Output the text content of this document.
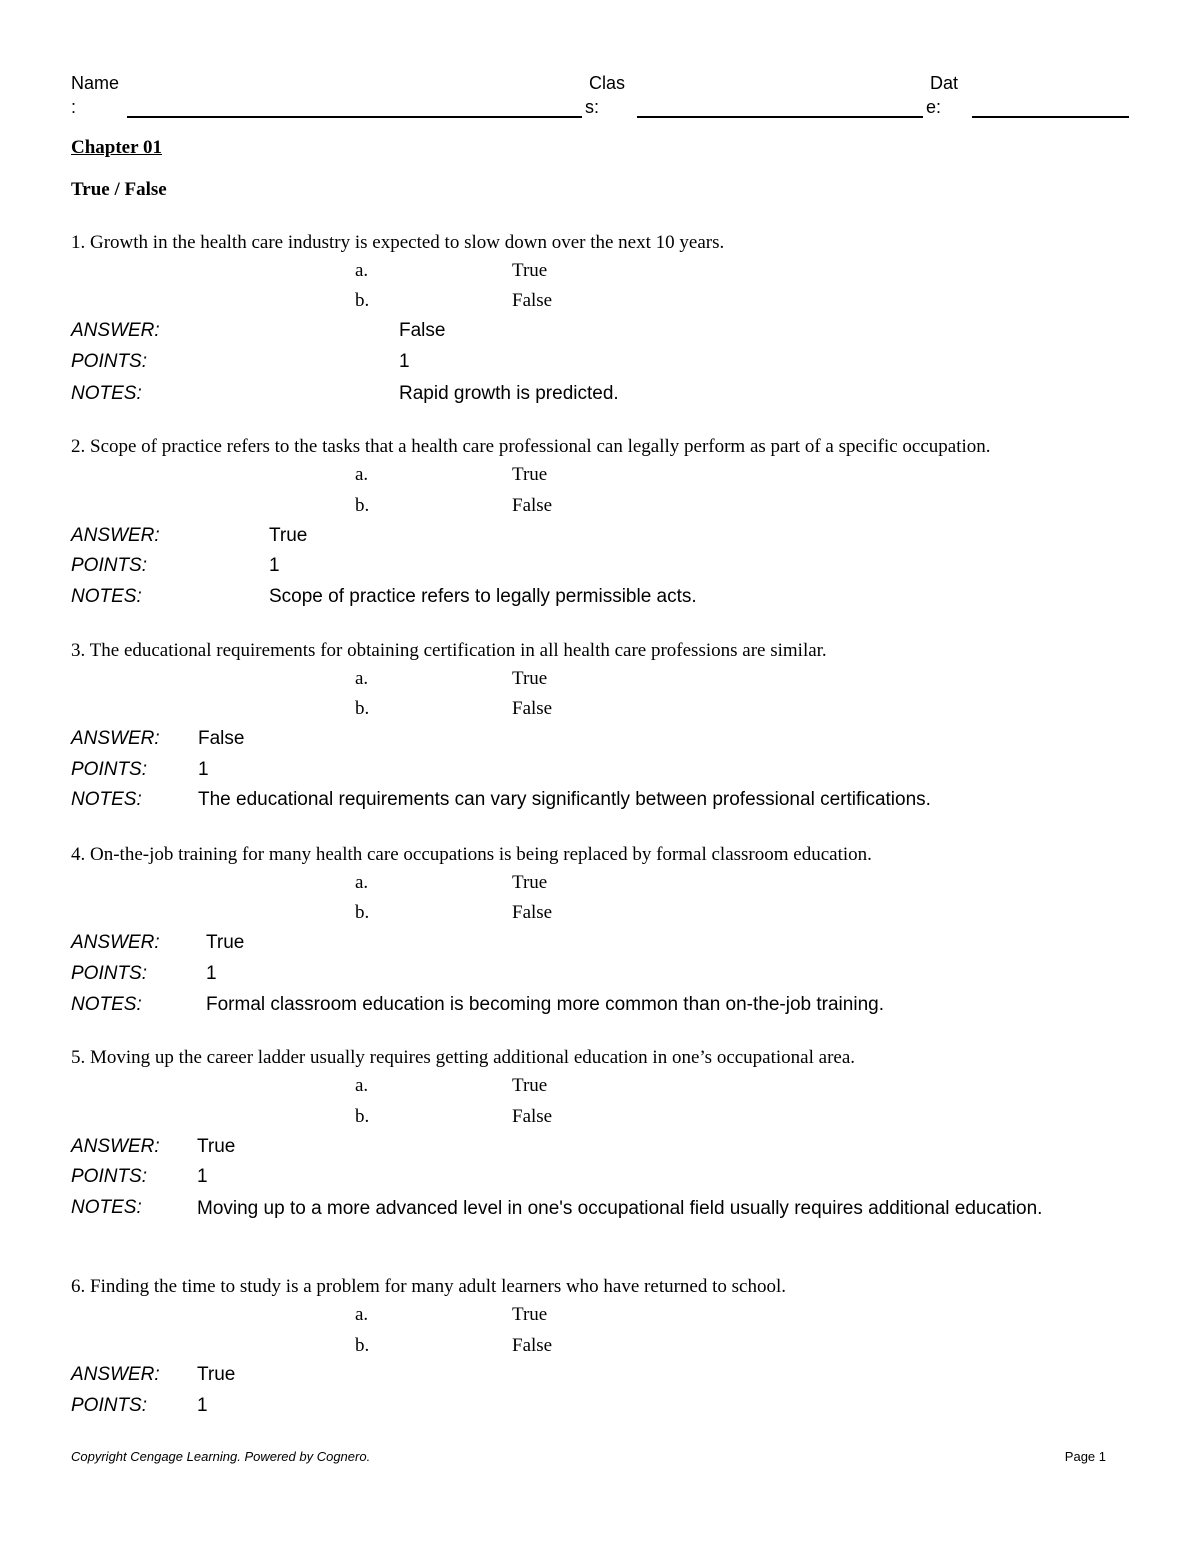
Name
:
Clas
s:
Dat
e:
Chapter 01
True / False
1. Growth in the health care industry is expected to slow down over the next 10 years.
a.	True
b.	False
ANSWER:	False
POINTS:	1
NOTES:	Rapid growth is predicted.
2. Scope of practice refers to the tasks that a health care professional can legally perform as part of a specific occupation.
a.	True
b.	False
ANSWER:	True
POINTS:	1
NOTES:	Scope of practice refers to legally permissible acts.
3. The educational requirements for obtaining certification in all health care professions are similar.
a.	True
b.	False
ANSWER: False
POINTS:	1
NOTES:	The educational requirements can vary significantly between professional certifications.
4. On-the-job training for many health care occupations is being replaced by formal classroom education.
a.	True
b.	False
ANSWER: True
POINTS:	1
NOTES:	Formal classroom education is becoming more common than on-the-job training.
5. Moving up the career ladder usually requires getting additional education in one’s occupational area.
a.	True
b.	False
ANSWER: True
POINTS:	1
NOTES:	Moving up to a more advanced level in one's occupational field usually requires additional education.
6. Finding the time to study is a problem for many adult learners who have returned to school.
a.	True
b.	False
ANSWER: True
POINTS:	1
Copyright Cengage Learning. Powered by Cognero.	Page 1
